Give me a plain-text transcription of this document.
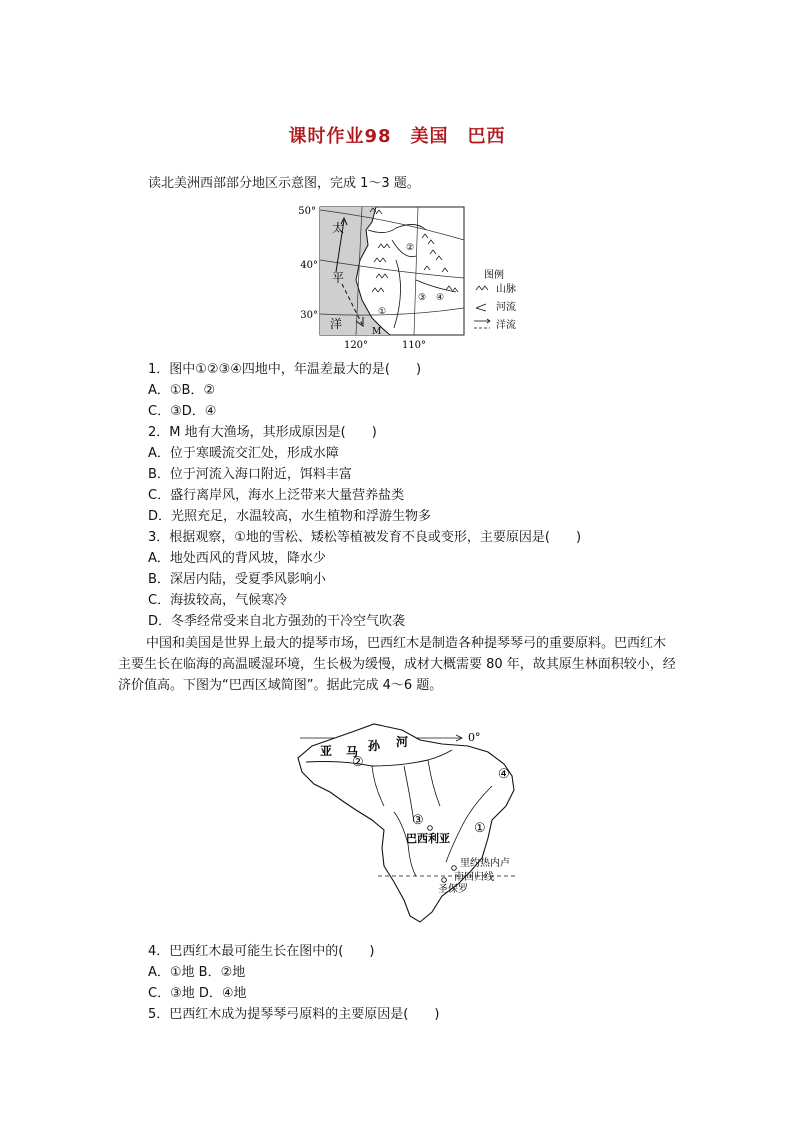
课时作业98　美国　巴西
读北美洲西部部分地区示意图，完成 1～3 题。
50°
40°
30°
120°	110°
太
平
洋
①
②
③ ④
M
图例
山脉
河流
洋流
1．图中①②③④四地中，年温差最大的是(　　)
A．①B．②
C．③D．④
2．M 地有大渔场，其形成原因是(　　)
A．位于寒暖流交汇处，形成水障
B．位于河流入海口附近，饵料丰富
C．盛行离岸风，海水上泛带来大量营养盐类
D．光照充足，水温较高，水生植物和浮游生物多
3．根据观察，①地的雪松、矮松等植被发育不良或变形，主要原因是(　　)
A．地处西风的背风坡，降水少
B．深居内陆，受夏季风影响小
C．海拔较高，气候寒冷
D．冬季经常受来自北方强劲的干冷空气吹袭

中国和美国是世界上最大的提琴市场，巴西红木是制造各种提琴琴弓的重要原料。巴西红木主要生长在临海的高温暖湿环境，生长极为缓慢，成材大概需要 80 年，故其原生林面积较小，经济价值高。下图为“巴西区域简图”。据此完成 4～6 题。

0°
亚 马 孙 河
①
②
③
④
巴西利亚
里约热内卢
圣保罗
南回归线
4．巴西红木最可能生长在图中的(　　)
A．①地 B．②地
C．③地 D．④地
5．巴西红木成为提琴琴弓原料的主要原因是(　　)
